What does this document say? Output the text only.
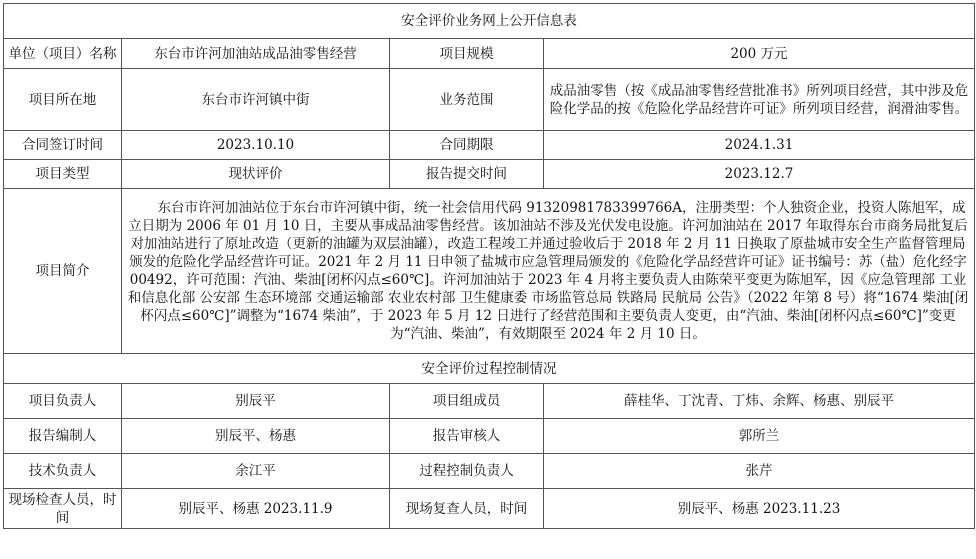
安全评价业务网上公开信息表			
单位（项目）名称	东台市许河加油站成品油零售经营	项目规模	200 万元
项目所在地	东台市许河镇中街	业务范围	成品油零售（按《成品油零售经营批准书》所列项目经营，其中涉及危险化学品的按《危险化学品经营许可证》所列项目经营，润滑油零售。
合同签订时间	2023.10.10	合同期限	2024.1.31
项目类型	现状评价	报告提交时间	2023.12.7
项目简介	东台市许河加油站位于东台市许河镇中街，统一社会信用代码 91320981783399766A，注册类型：个人独资企业，投资人陈旭军，成立日期为 2006 年 01 月 10 日，主要从事成品油零售经营。该加油站不涉及光伏发电设施。许河加油站在 2017 年取得东台市商务局批复后对加油站进行了原址改造（更新的油罐为双层油罐），改造工程竣工并通过验收后于 2018 年 2 月 11 日换取了原盐城市安全生产监督管理局颁发的危险化学品经营许可证。2021 年 2 月 11 日申领了盐城市应急管理局颁发的《危险化学品经营许可证》证书编号：苏（盐）危化经字 00492，许可范围：汽油、柴油[闭杯闪点≤60℃]。许河加油站于 2023 年 4 月将主要负责人由陈荣平变更为陈旭军，因《应急管理部 工业和信息化部 公安部 生态环境部 交通运输部 农业农村部 卫生健康委 市场监管总局 铁路局 民航局 公告》（2022 年第 8 号）将“1674 柴油[闭杯闪点≤60℃]”调整为“1674 柴油”，于 2023 年 5 月 12 日进行了经营范围和主要负责人变更，由“汽油、柴油[闭杯闪点≤60℃]”变更为“汽油、柴油”，有效期限至 2024 年 2 月 10 日。		
安全评价过程控制情况			
项目负责人	别辰平	项目组成员	薛桂华、丁沈青、丁炜、余辉、杨惠、别辰平
报告编制人	别辰平、杨惠	报告审核人	郭所兰
技术负责人	余江平	过程控制负责人	张芹
现场检查人员，时间	别辰平、杨惠 2023.11.9	现场复查人员，时间	别辰平、杨惠 2023.11.23
